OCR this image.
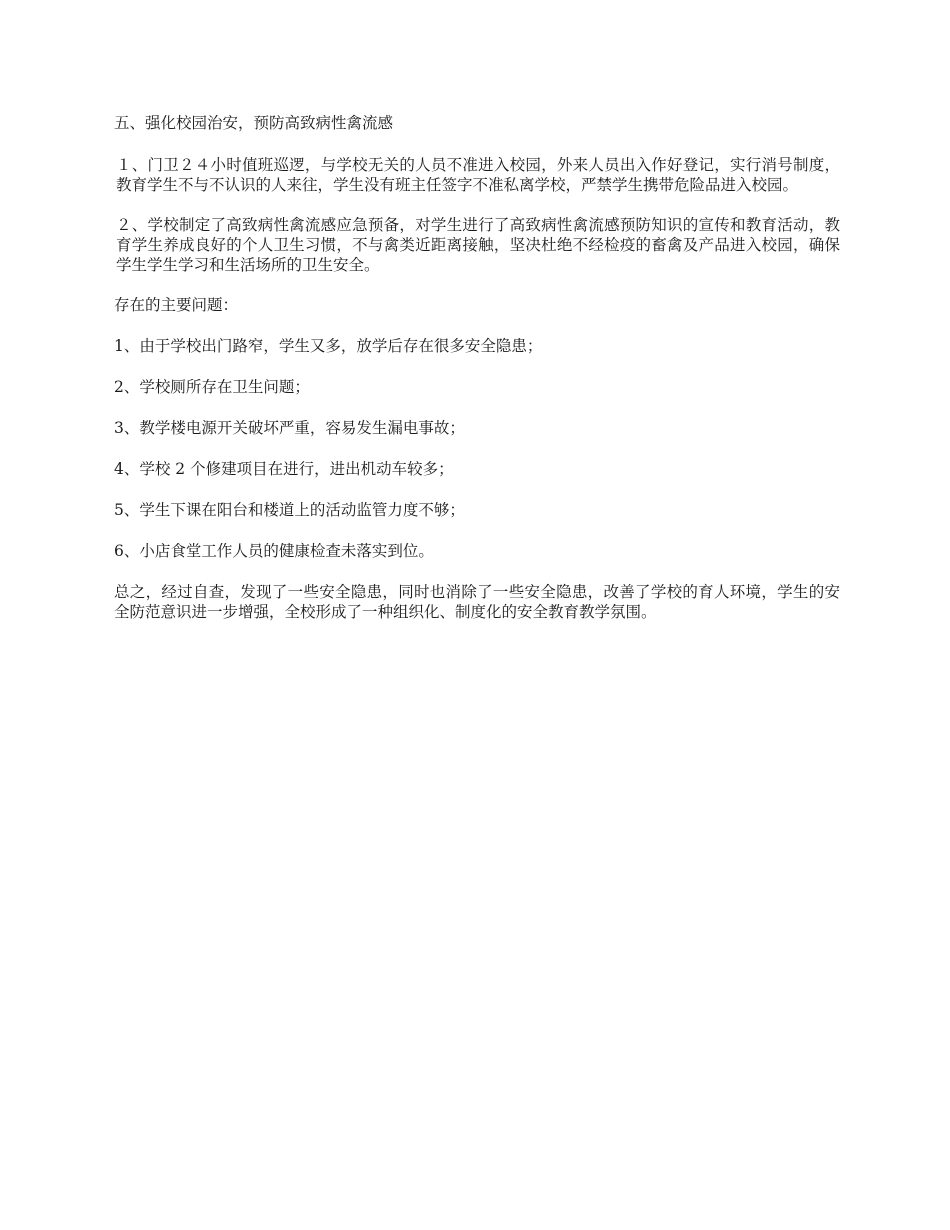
五、强化校园治安，预防高致病性禽流感

１、门卫２４小时值班巡逻，与学校无关的人员不准进入校园，外来人员出入作好登记，实行消号制度，教育学生不与不认识的人来往，学生没有班主任签字不准私离学校，严禁学生携带危险品进入校园。

２、学校制定了高致病性禽流感应急预备，对学生进行了高致病性禽流感预防知识的宣传和教育活动，教育学生养成良好的个人卫生习惯，不与禽类近距离接触，坚决杜绝不经检疫的畜禽及产品进入校园，确保学生学生学习和生活场所的卫生安全。

存在的主要问题：

1、由于学校出门路窄，学生又多，放学后存在很多安全隐患；

2、学校厕所存在卫生问题；

3、教学楼电源开关破坏严重，容易发生漏电事故；

4、学校 2 个修建项目在进行，进出机动车较多；

5、学生下课在阳台和楼道上的活动监管力度不够；

6、小店食堂工作人员的健康检查未落实到位。

总之，经过自查，发现了一些安全隐患，同时也消除了一些安全隐患，改善了学校的育人环境，学生的安全防范意识进一步增强，全校形成了一种组织化、制度化的安全教育教学氛围。
